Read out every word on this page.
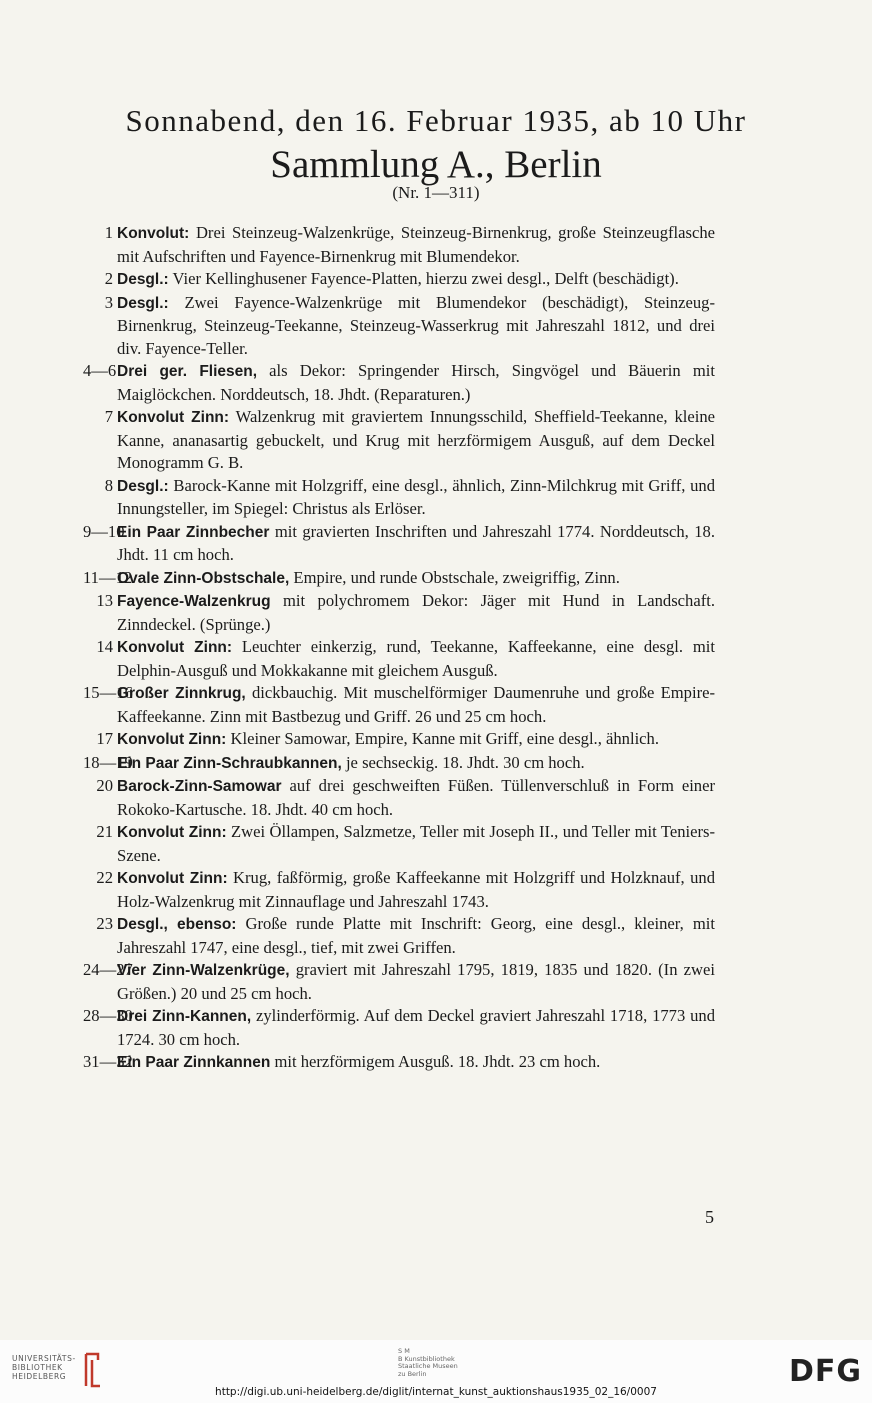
Sonnabend, den 16. Februar 1935, ab 10 Uhr
Sammlung A., Berlin
(Nr. 1—311)
1 Konvolut: Drei Steinzeug-Walzenkrüge, Steinzeug-Birnenkrug, große Steinzeugflasche mit Aufschriften und Fayence-Birnenkrug mit Blumendekor.
2 Desgl.: Vier Kellinghusener Fayence-Platten, hierzu zwei desgl., Delft (beschädigt).
3 Desgl.: Zwei Fayence-Walzenkrüge mit Blumendekor (beschädigt), Steinzeug-Birnenkrug, Steinzeug-Teekanne, Steinzeug-Wasserkrug mit Jahreszahl 1812, und drei div. Fayence-Teller.
4—6 Drei ger. Fliesen, als Dekor: Springender Hirsch, Singvögel und Bäuerin mit Maiglöckchen. Norddeutsch, 18. Jhdt. (Reparaturen.)
7 Konvolut Zinn: Walzenkrug mit graviertem Innungsschild, Sheffield-Teekanne, kleine Kanne, ananasartig gebuckelt, und Krug mit herzförmigem Ausguß, auf dem Deckel Monogramm G. B.
8 Desgl.: Barock-Kanne mit Holzgriff, eine desgl., ähnlich, Zinn-Milchkrug mit Griff, und Innungsteller, im Spiegel: Christus als Erlöser.
9—10
Ein Paar Zinnbecher mit gravierten Inschriften und Jahreszahl 1774. Norddeutsch, 18. Jhdt. 11 cm hoch.
11—12
Ovale Zinn-Obstschale, Empire, und runde Obstschale, zweigriffig, Zinn.
13 Fayence-Walzenkrug mit polychromem Dekor: Jäger mit Hund in Landschaft. Zinndeckel. (Sprünge.)
14 Konvolut Zinn: Leuchter einkerzig, rund, Teekanne, Kaffeekanne, eine desgl. mit Delphin-Ausguß und Mokkakanne mit gleichem Ausguß.
15—16
Großer Zinnkrug, dickbauchig. Mit muschelförmiger Daumenruhe und große Empire-Kaffeekanne. Zinn mit Bastbezug und Griff. 26 und 25 cm hoch.
17 Konvolut Zinn: Kleiner Samowar, Empire, Kanne mit Griff, eine desgl., ähnlich.
18—19
Ein Paar Zinn-Schraubkannen, je sechseckig. 18. Jhdt. 30 cm hoch.
20 Barock-Zinn-Samowar auf drei geschweiften Füßen. Tüllenverschluß in Form einer Rokoko-Kartusche. 18. Jhdt. 40 cm hoch.
21 Konvolut Zinn: Zwei Öllampen, Salzmetze, Teller mit Joseph II., und Teller mit Teniers-Szene.
22 Konvolut Zinn: Krug, faßförmig, große Kaffeekanne mit Holzgriff und Holzknauf, und Holz-Walzenkrug mit Zinnauflage und Jahreszahl 1743.
23 Desgl., ebenso: Große runde Platte mit Inschrift: Georg, eine desgl., kleiner, mit Jahreszahl 1747, eine desgl., tief, mit zwei Griffen.
24—27
Vier Zinn-Walzenkrüge, graviert mit Jahreszahl 1795, 1819, 1835 und 1820. (In zwei Größen.) 20 und 25 cm hoch.
28—30
Drei Zinn-Kannen, zylinderförmig. Auf dem Deckel graviert Jahreszahl 1718, 1773 und 1724. 30 cm hoch.
31—32
Ein Paar Zinnkannen mit herzförmigem Ausguß. 18. Jhdt. 23 cm hoch.
5
UNIVERSITÄTS-
BIBLIOTHEK
HEIDELBERG
S M
B Kunstbibliothek
Staatliche Museen
zu Berlin	DFG
http://digi.ub.uni-heidelberg.de/diglit/internat_kunst_auktionshaus1935_02_16/0007
